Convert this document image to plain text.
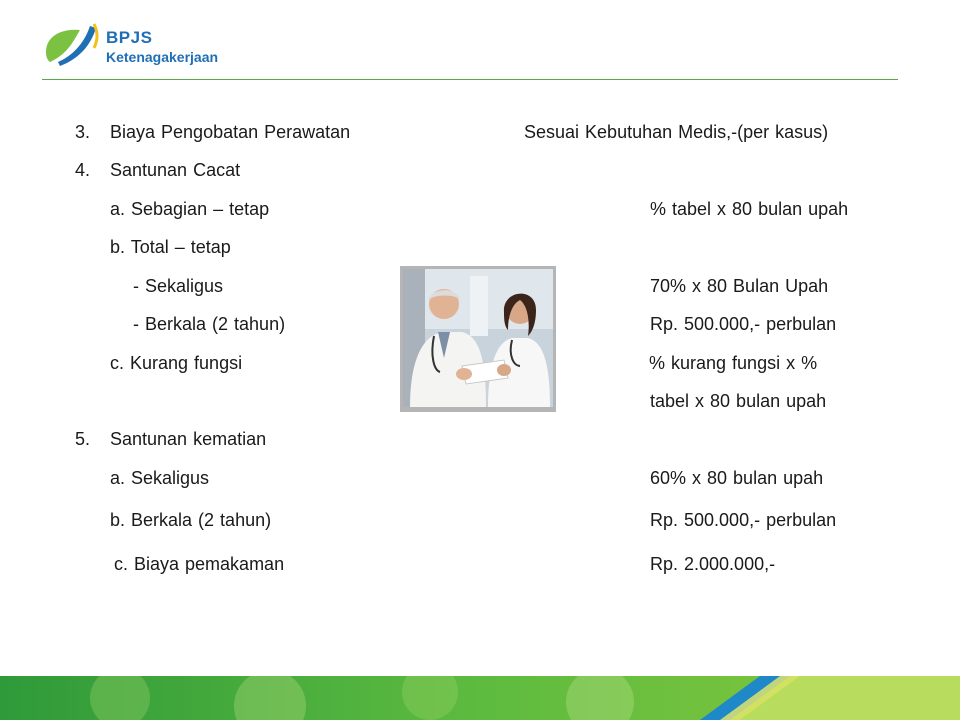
BPJS
Ketenagakerjaan
3. Biaya Pengobatan Perawatan	Sesuai Kebutuhan Medis,-(per kasus)
4. Santunan Cacat
a. Sebagian – tetap	% tabel x 80 bulan upah
b. Total – tetap
- Sekaligus	70% x 80 Bulan Upah
- Berkala (2 tahun)	Rp. 500.000,- perbulan
c. Kurang fungsi	% kurang fungsi x %
tabel x 80 bulan upah
5. Santunan kematian
a. Sekaligus	60% x 80 bulan upah
b. Berkala (2 tahun)	Rp. 500.000,- perbulan
c. Biaya pemakaman	Rp. 2.000.000,-
